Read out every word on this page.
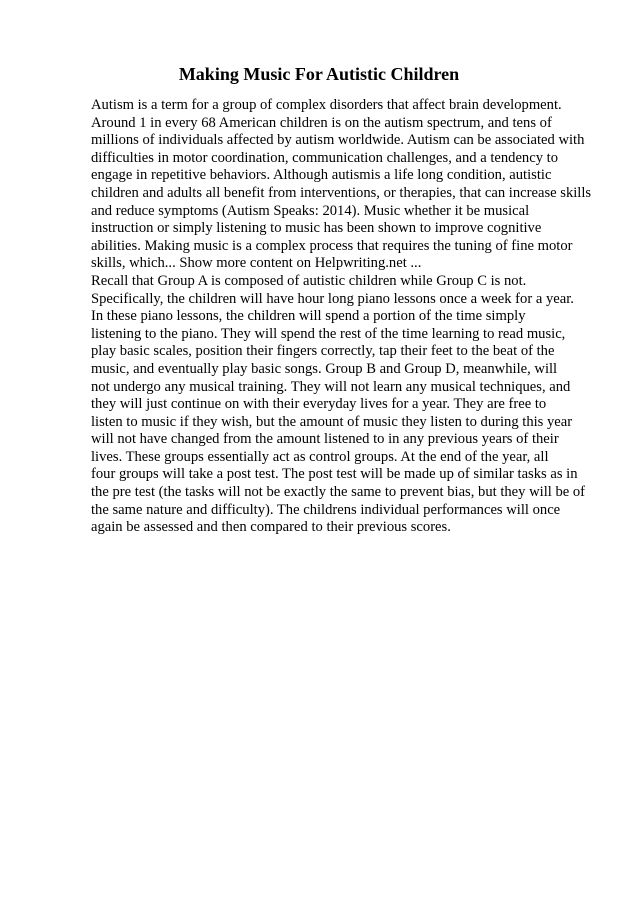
Making Music For Autistic Children
Autism is a term for a group of complex disorders that affect brain development.
Around 1 in every 68 American children is on the autism spectrum, and tens of
millions of individuals affected by autism worldwide. Autism can be associated with
difficulties in motor coordination, communication challenges, and a tendency to
engage in repetitive behaviors. Although autismis a life long condition, autistic
children and adults all benefit from interventions, or therapies, that can increase skills
and reduce symptoms (Autism Speaks: 2014). Music whether it be musical
instruction or simply listening to music has been shown to improve cognitive
abilities. Making music is a complex process that requires the tuning of fine motor
skills, which... Show more content on Helpwriting.net ...
Recall that Group A is composed of autistic children while Group C is not.
Specifically, the children will have hour long piano lessons once a week for a year.
In these piano lessons, the children will spend a portion of the time simply
listening to the piano. They will spend the rest of the time learning to read music,
play basic scales, position their fingers correctly, tap their feet to the beat of the
music, and eventually play basic songs. Group B and Group D, meanwhile, will
not undergo any musical training. They will not learn any musical techniques, and
they will just continue on with their everyday lives for a year. They are free to
listen to music if they wish, but the amount of music they listen to during this year
will not have changed from the amount listened to in any previous years of their
lives. These groups essentially act as control groups. At the end of the year, all
four groups will take a post test. The post test will be made up of similar tasks as in
the pre test (the tasks will not be exactly the same to prevent bias, but they will be of
the same nature and difficulty). The childrens individual performances will once
again be assessed and then compared to their previous scores.
